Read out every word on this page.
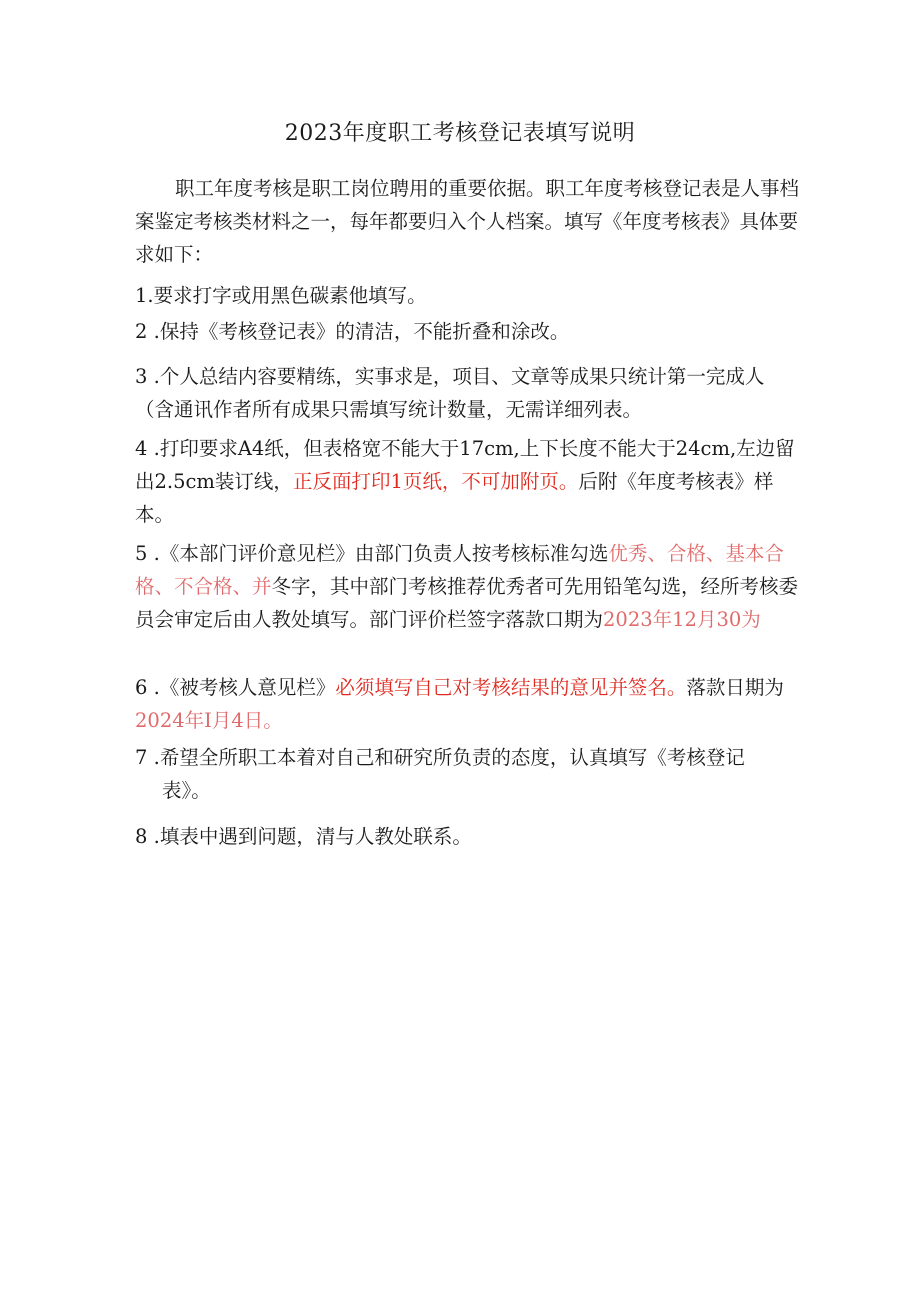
2023年度职工考核登记表填写说明

职工年度考核是职工岗位聘用的重要依据。职工年度考核登记表是人事档案鉴定考核类材料之一，每年都要归入个人档案。填写《年度考核表》具体要求如下：

1.要求打字或用黑色碳素他填写。

2 .保持《考核登记表》的清洁，不能折叠和涂改。

3 .个人总结内容要精练，实事求是，项目、文章等成果只统计第一完成人（含通讯作者所有成果只需填写统计数量，无需详细列表。

4 .打印要求A4纸，但表格宽不能大于17cm,上下长度不能大于24cm,左边留出2.5cm装订线，正反面打印1页纸，不可加附页。后附《年度考核表》样本。

5 .《本部门评价意见栏》由部门负责人按考核标准勾选优秀、合格、基本合格、不合格、并冬字，其中部门考核推荐优秀者可先用铅笔勾选，经所考核委员会审定后由人教处填写。部门评价栏签字落款口期为2023年12月30为

6 .《被考核人意见栏》必须填写自己对考核结果的意见并签名。落款日期为2024年I月4日。

7 .希望全所职工本着对自己和研究所负责的态度，认真填写《考核登记
表》。

8 .填表中遇到问题，清与人教处联系。
